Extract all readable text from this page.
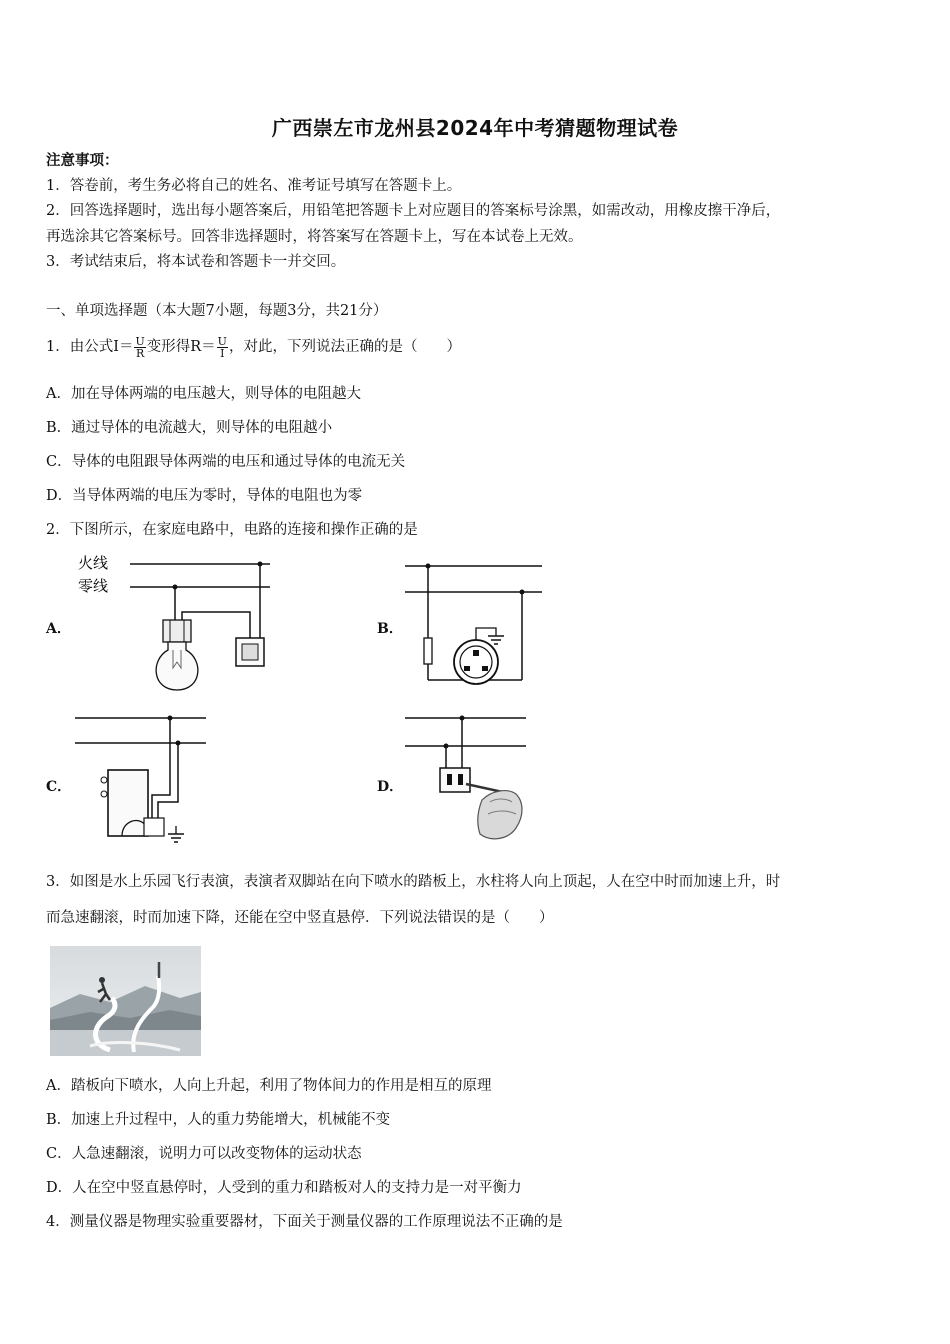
广西崇左市龙州县2024年中考猜题物理试卷
注意事项：
1．答卷前，考生务必将自己的姓名、准考证号填写在答题卡上。
2．回答选择题时，选出每小题答案后，用铅笔把答题卡上对应题目的答案标号涂黑，如需改动，用橡皮擦干净后，
再选涂其它答案标号。回答非选择题时，将答案写在答题卡上，写在本试卷上无效。
3．考试结束后，将本试卷和答题卡一并交回。
一、单项选择题（本大题7小题，每题3分，共21分）
1．由公式$I= \frac{U}{R}$ 变形得$R= \frac{U}{I}$ ，对此，下列说法正确的是（　　）
A．加在导体两端的电压越大，则导体的电阻越大
B．通过导体的电流越大，则导体的电阻越小
C．导体的电阻跟导体两端的电压和通过导体的电流无关
D．当导体两端的电压为零时，导体的电阻也为零
2．下图所示，在家庭电路中，电路的连接和操作正确的是
A．	B．
C．	D．
火线
零线
3．如图是水上乐园飞行表演，表演者双脚站在向下喷水的踏板上，水柱将人向上顶起，人在空中时而加速上升，时
而急速翻滚，时而加速下降，还能在空中竖直悬停．下列说法错误的是（　　）
A．踏板向下喷水，人向上升起，利用了物体间力的作用是相互的原理
B．加速上升过程中，人的重力势能增大，机械能不变
C．人急速翻滚，说明力可以改变物体的运动状态
D．人在空中竖直悬停时，人受到的重力和踏板对人的支持力是一对平衡力
4．测量仪器是物理实验重要器材，下面关于测量仪器的工作原理说法不正确的是
